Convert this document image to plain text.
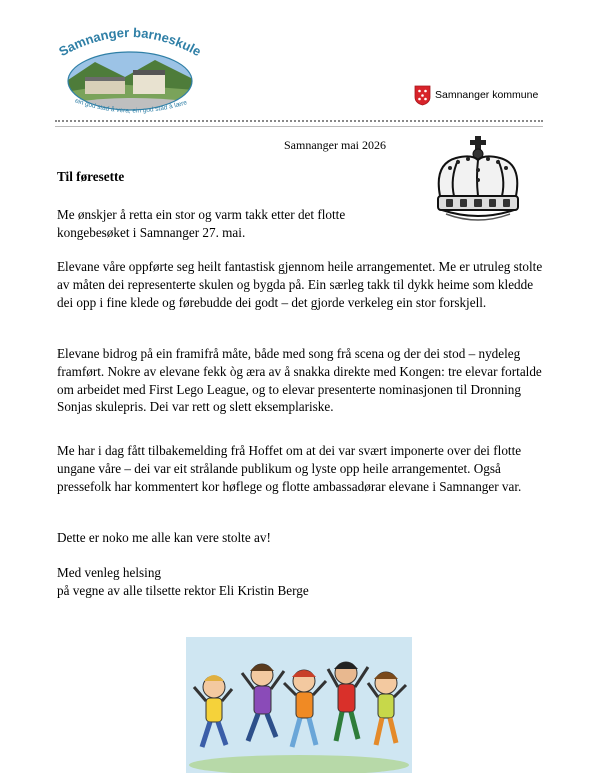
Samnanger barneskule
ein god stad å vera, ein god stad å lære
Samnanger kommune
Samnanger mai 2026
Til føresette
Me ønskjer å retta ein stor og varm takk etter det flotte kongebesøket i Samnanger 27. mai.
Elevane våre oppførte seg heilt fantastisk gjennom heile arrangementet. Me er utruleg stolte av måten dei representerte skulen og bygda på. Ein særleg takk til dykk heime som kledde dei opp i fine klede og førebudde dei godt – det gjorde verkeleg ein stor forskjell.
Elevane bidrog på ein framifrå måte, både med song frå scena og der dei stod – nydeleg framført. Nokre av elevane fekk òg æra av å snakka direkte med Kongen: tre elevar fortalde om arbeidet med First Lego League, og to elevar presenterte nominasjonen til Dronning Sonjas skulepris. Dei var rett og slett eksemplariske.
Me har i dag fått tilbakemelding frå Hoffet om at dei var svært imponerte over dei flotte ungane våre – dei var eit strålande publikum og lyste opp heile arrangementet. Også pressefolk har kommentert kor høflege og flotte ambassadørar elevane i Samnanger var.
Dette er noko me alle kan vere stolte av!
Med venleg helsing
på vegne av alle tilsette rektor Eli Kristin Berge
